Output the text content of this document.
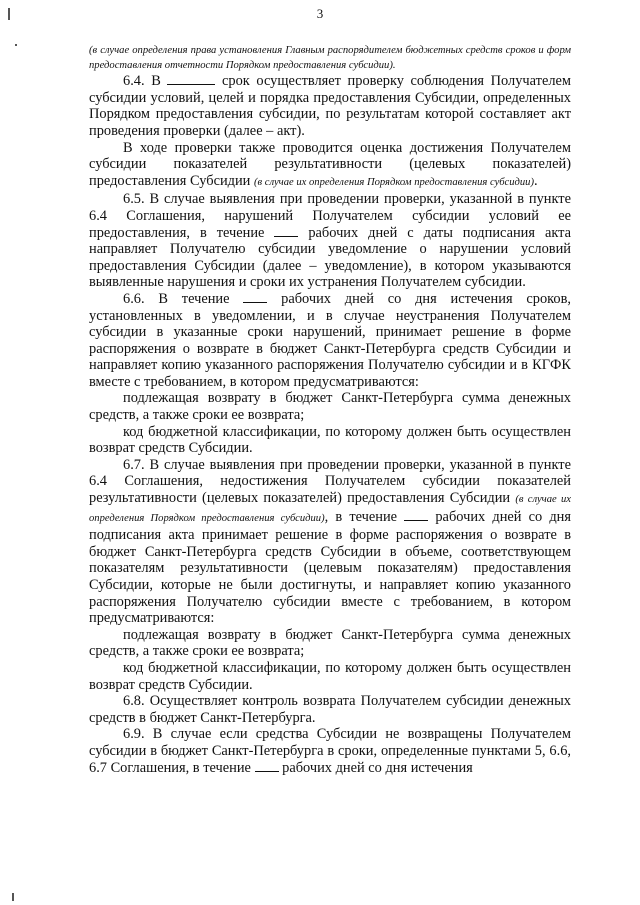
3

(в случае определения права установления Главным распорядителем бюджетных средств сроков и форм предоставления отчетности Порядком предоставления субсидии).

6.4. В	срок осуществляет проверку соблюдения Получателем субсидии условий, целей и порядка предоставления Субсидии, определенных Порядком предоставления субсидии, по результатам которой составляет акт проведения проверки (далее – акт).

В ходе проверки также проводится оценка достижения Получателем субсидии показателей результативности (целевых показателей) предоставления Субсидии (в случае их определения Порядком предоставления субсидии).

6.5. В случае выявления при проведении проверки, указанной в пункте 6.4 Соглашения, нарушений Получателем субсидии условий ее предоставления, в течение  рабочих дней с даты подписания акта направляет Получателю субсидии уведомление о нарушении условий предоставления Субсидии (далее – уведомление), в котором указываются выявленные нарушения и сроки их устранения Получателем субсидии.

6.6. В течение  рабочих дней со дня истечения сроков, установленных в уведомлении, и в случае неустранения Получателем субсидии в указанные сроки нарушений, принимает решение в форме распоряжения о возврате в бюджет Санкт-Петербурга средств Субсидии и направляет копию указанного распоряжения Получателю субсидии и в КГФК вместе с требованием, в котором предусматриваются:

подлежащая возврату в бюджет Санкт-Петербурга сумма денежных средств, а также сроки ее возврата;

код бюджетной классификации, по которому должен быть осуществлен возврат средств Субсидии.

6.7. В случае выявления при проведении проверки, указанной в пункте 6.4 Соглашения, недостижения Получателем субсидии показателей результативности (целевых показателей) предоставления Субсидии (в случае их определения Порядком предоставления субсидии), в течение  рабочих дней со дня подписания акта принимает решение в форме распоряжения о возврате в бюджет Санкт-Петербурга средств Субсидии в объеме, соответствующем показателям результативности (целевым показателям) предоставления Субсидии, которые не были достигнуты, и направляет копию указанного распоряжения Получателю субсидии вместе с требованием, в котором предусматриваются:

подлежащая возврату в бюджет Санкт-Петербурга сумма денежных средств, а также сроки ее возврата;

код бюджетной классификации, по которому должен быть осуществлен возврат средств Субсидии.

6.8. Осуществляет контроль возврата Получателем субсидии денежных средств в бюджет Санкт-Петербурга.

6.9. В случае если средства Субсидии не возвращены Получателем субсидии в бюджет Санкт-Петербурга в сроки, определенные пунктами 5, 6.6, 6.7 Соглашения, в течение  рабочих дней со дня истечения
